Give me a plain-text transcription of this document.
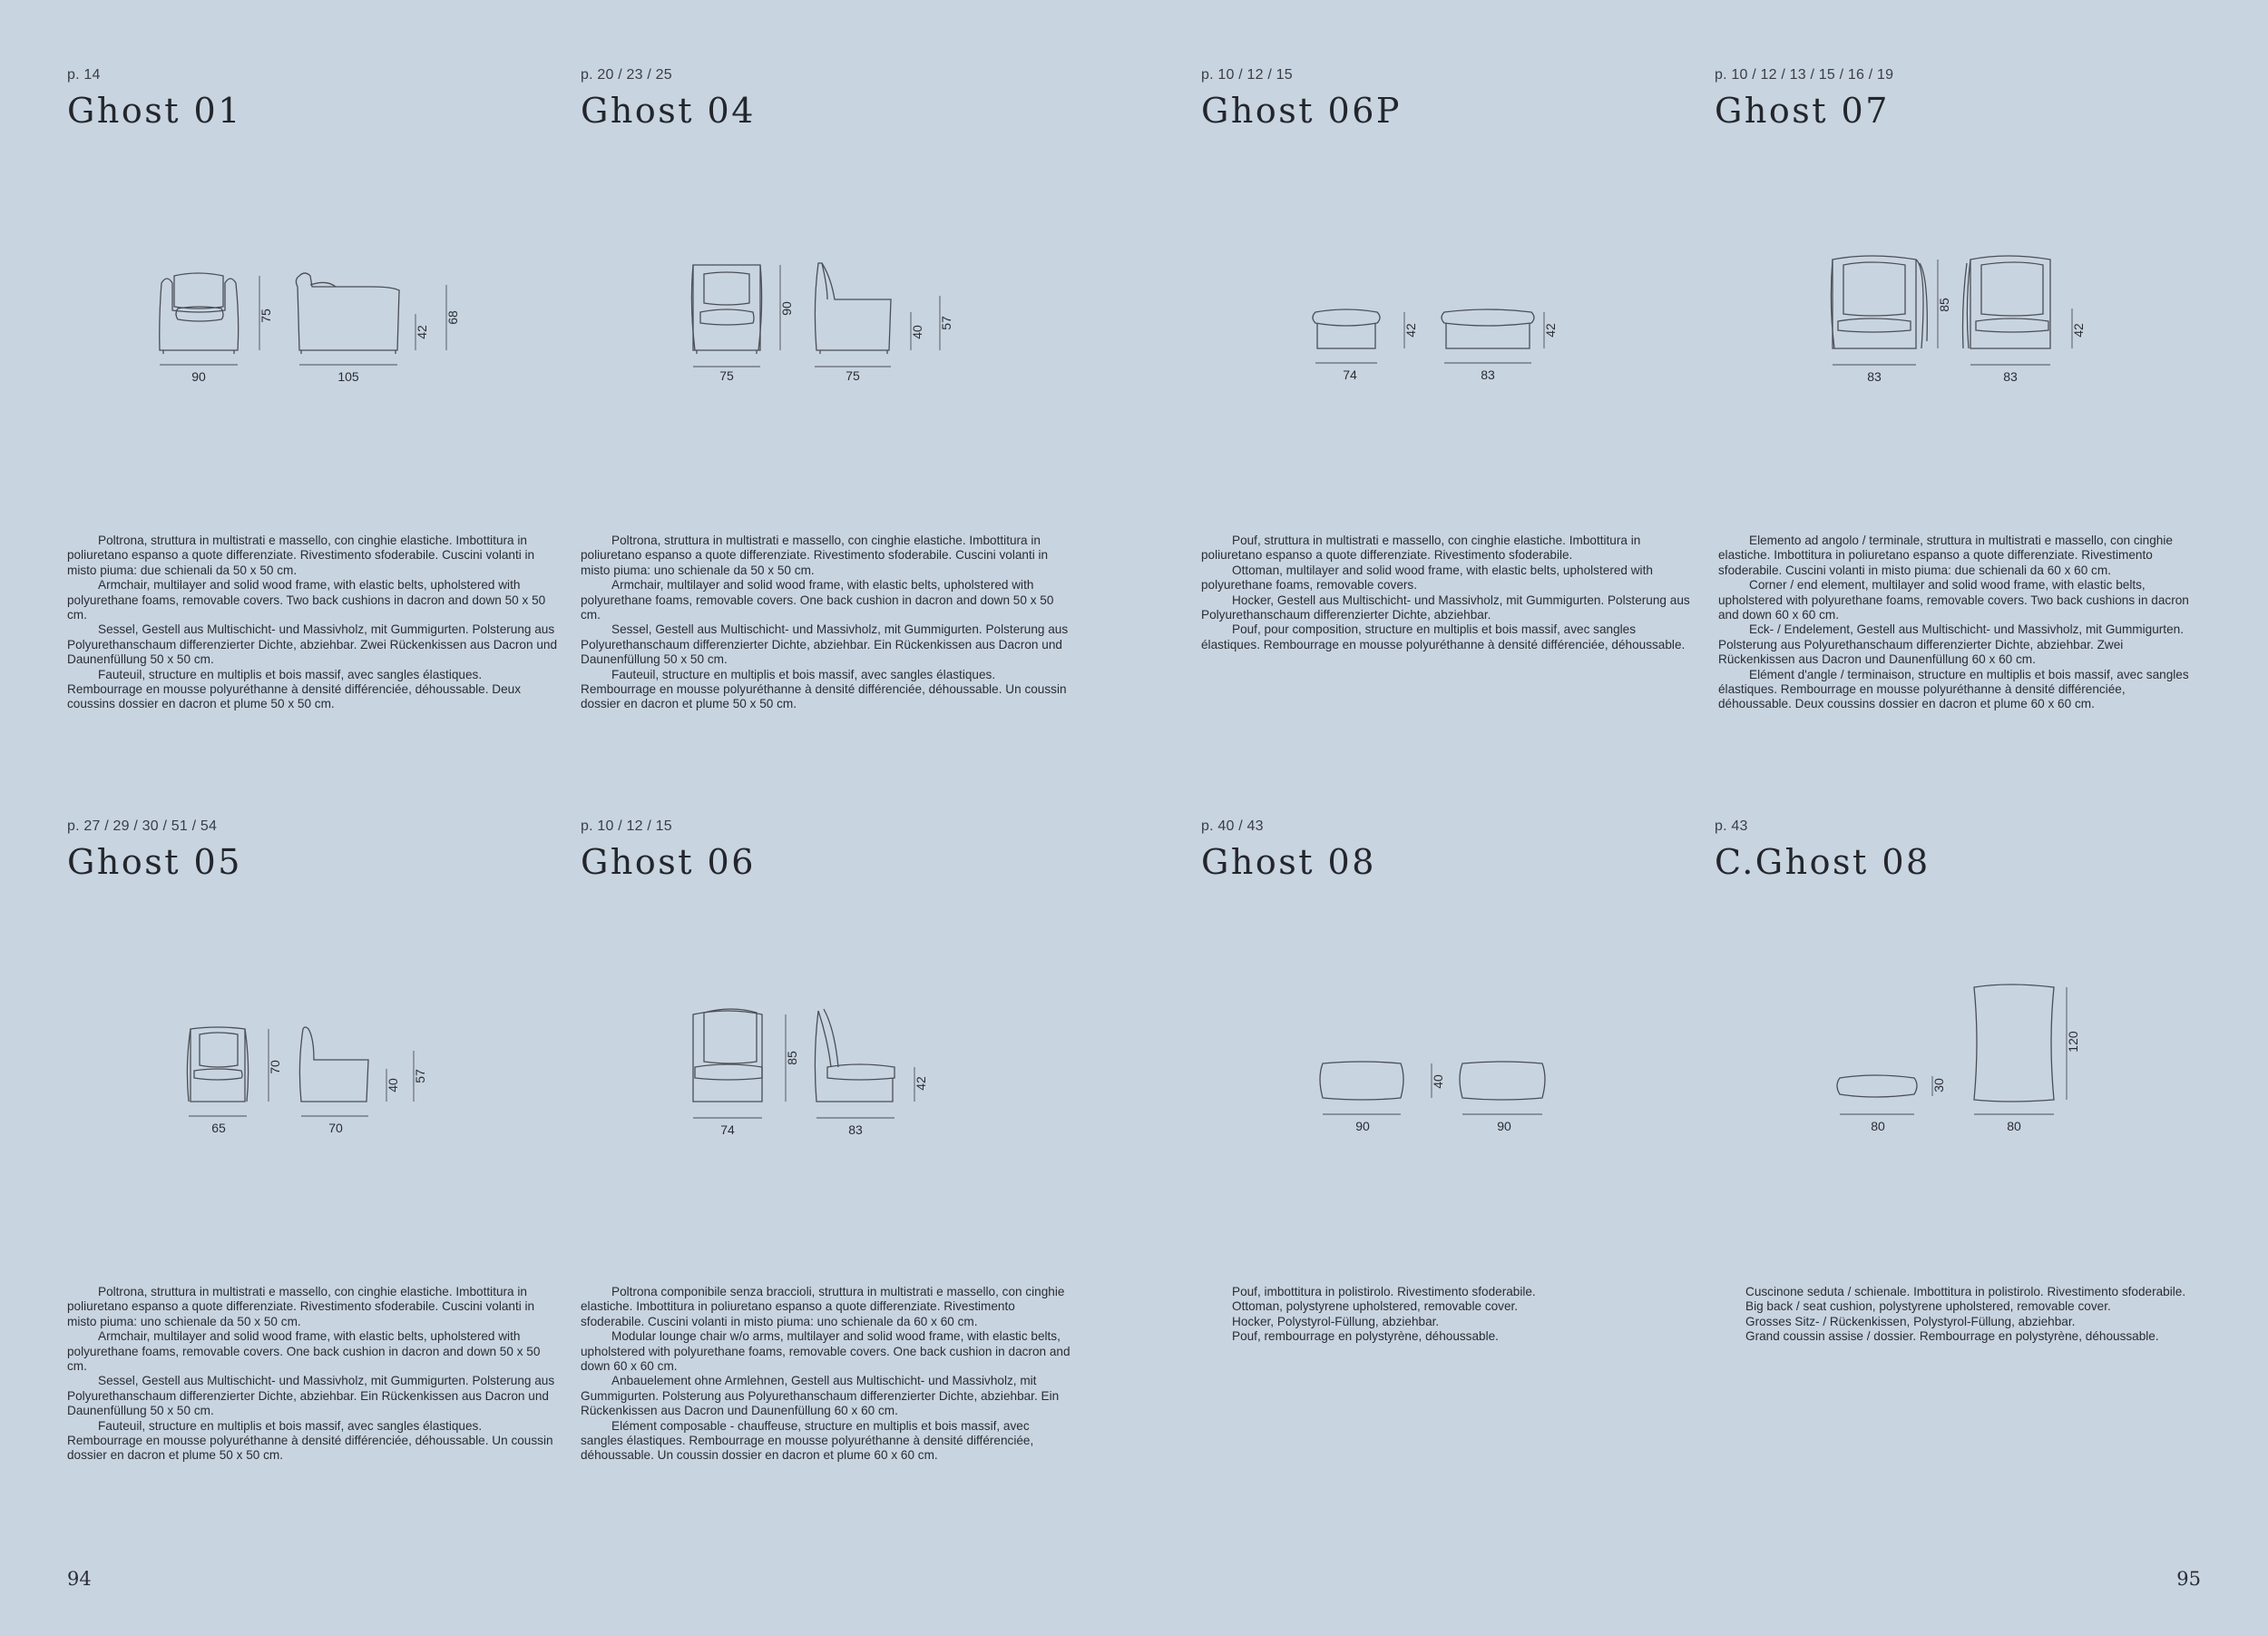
p. 14
Ghost 01
75
42
68
90	105

Poltrona, struttura in multistrati e massello, con cinghie elastiche. Imbottitura in poliuretano espanso a quote differenziate. Rivestimento sfoderabile. Cuscini volanti in misto piuma: due schienali da 50 x 50 cm.

Armchair, multilayer and solid wood frame, with elastic belts, upholstered with polyurethane foams, removable covers. Two back cushions in dacron and down 50 x 50 cm.

Sessel, Gestell aus Multischicht- und Massivholz, mit Gummigurten. Polsterung aus Polyurethanschaum differenzierter Dichte, abziehbar. Zwei Rückenkissen aus Dacron und Daunenfüllung 50 x 50 cm.

Fauteuil, structure en multiplis et bois massif, avec sangles élastiques. Rembourrage en mousse polyuréthanne à densité différenciée, déhoussable. Deux coussins dossier en dacron et plume 50 x 50 cm.

p. 20 / 23 / 25
Ghost 04
90
40
57
75	75

Poltrona, struttura in multistrati e massello, con cinghie elastiche. Imbottitura in poliuretano espanso a quote differenziate. Rivestimento sfoderabile. Cuscini volanti in misto piuma: uno schienale da 50 x 50 cm.

Armchair, multilayer and solid wood frame, with elastic belts, upholstered with polyurethane foams, removable covers. One back cushion in dacron and down 50 x 50 cm.

Sessel, Gestell aus Multischicht- und Massivholz, mit Gummigurten. Polsterung aus Polyurethanschaum differenzierter Dichte, abziehbar. Ein Rückenkissen aus Dacron und Daunenfüllung 50 x 50 cm.

Fauteuil, structure en multiplis et bois massif, avec sangles élastiques. Rembourrage en mousse polyuréthanne à densité différenciée, déhoussable. Un coussin dossier en dacron et plume 50 x 50 cm.

p. 10 / 12 / 15
Ghost 06P
42	42
74	83

Pouf, struttura in multistrati e massello, con cinghie elastiche. Imbottitura in poliuretano espanso a quote differenziate. Rivestimento sfoderabile.

Ottoman, multilayer and solid wood frame, with elastic belts, upholstered with polyurethane foams, removable covers.

Hocker, Gestell aus Multischicht- und Massivholz, mit Gummigurten. Polsterung aus Polyurethanschaum differenzierter Dichte, abziehbar.

Pouf, pour composition, structure en multiplis et bois massif, avec sangles élastiques. Rembourrage en mousse polyuréthanne à densité différenciée, déhoussable.

p. 10 / 12 / 13 / 15 / 16 / 19
Ghost 07
85
42
83	83

Elemento ad angolo / terminale, struttura in multistrati e massello, con cinghie elastiche. Imbottitura in poliuretano espanso a quote differenziate. Rivestimento sfoderabile. Cuscini volanti in misto piuma: due schienali da 60 x 60 cm.

Corner / end element, multilayer and solid wood frame, with elastic belts, upholstered with polyurethane foams, removable covers. Two back cushions in dacron and down 60 x 60 cm.

Eck- / Endelement, Gestell aus Multischicht- und Massivholz, mit Gummigurten. Polsterung aus Polyurethanschaum differenzierter Dichte, abziehbar. Zwei Rückenkissen aus Dacron und Daunenfüllung 60 x 60 cm.

Elément d'angle / terminaison, structure en multiplis et bois massif, avec sangles élastiques. Rembourrage en mousse polyuréthanne à densité différenciée, déhoussable. Deux coussins dossier en dacron et plume 60 x 60 cm.

p. 27 / 29 / 30 / 51 / 54
Ghost 05
70
40
57
65	70

Poltrona, struttura in multistrati e massello, con cinghie elastiche. Imbottitura in poliuretano espanso a quote differenziate. Rivestimento sfoderabile. Cuscini volanti in misto piuma: uno schienale da 50 x 50 cm.

Armchair, multilayer and solid wood frame, with elastic belts, upholstered with polyurethane foams, removable covers. One back cushion in dacron and down 50 x 50 cm.

Sessel, Gestell aus Multischicht- und Massivholz, mit Gummigurten. Polsterung aus Polyurethanschaum differenzierter Dichte, abziehbar. Ein Rückenkissen aus Dacron und Daunenfüllung 50 x 50 cm.

Fauteuil, structure en multiplis et bois massif, avec sangles élastiques. Rembourrage en mousse polyuréthanne à densité différenciée, déhoussable. Un coussin dossier en dacron et plume 50 x 50 cm.

p. 10 / 12 / 15
Ghost 06
85
42
74	83

Poltrona componibile senza braccioli, struttura in multistrati e massello, con cinghie elastiche. Imbottitura in poliuretano espanso a quote differenziate. Rivestimento sfoderabile. Cuscini volanti in misto piuma: uno schienale da 60 x 60 cm.

Modular lounge chair w/o arms, multilayer and solid wood frame, with elastic belts, upholstered with polyurethane foams, removable covers. One back cushion in dacron and down 60 x 60 cm.

Anbauelement ohne Armlehnen, Gestell aus Multischicht- und Massivholz, mit Gummigurten. Polsterung aus Polyurethanschaum differenzierter Dichte, abziehbar. Ein Rückenkissen aus Dacron und Daunenfüllung 60 x 60 cm.

Elément composable - chauffeuse, structure en multiplis et bois massif, avec sangles élastiques. Rembourrage en mousse polyuréthanne à densité différenciée, déhoussable. Un coussin dossier en dacron et plume 60 x 60 cm.

p. 40 / 43
Ghost 08
40
90	90

Pouf, imbottitura in polistirolo. Rivestimento sfoderabile.

Ottoman, polystyrene upholstered, removable cover.

Hocker, Polystyrol-Füllung, abziehbar.

Pouf, rembourrage en polystyrène, déhoussable.

p. 43
C.Ghost 08
30
120
80	80

Cuscinone seduta / schienale. Imbottitura in polistirolo. Rivestimento sfoderabile.

Big back / seat cushion, polystyrene upholstered, removable cover.

Grosses Sitz- / Rückenkissen, Polystyrol-Füllung, abziehbar.

Grand coussin assise / dossier. Rembourrage en polystyrène, déhoussable.

94	95
